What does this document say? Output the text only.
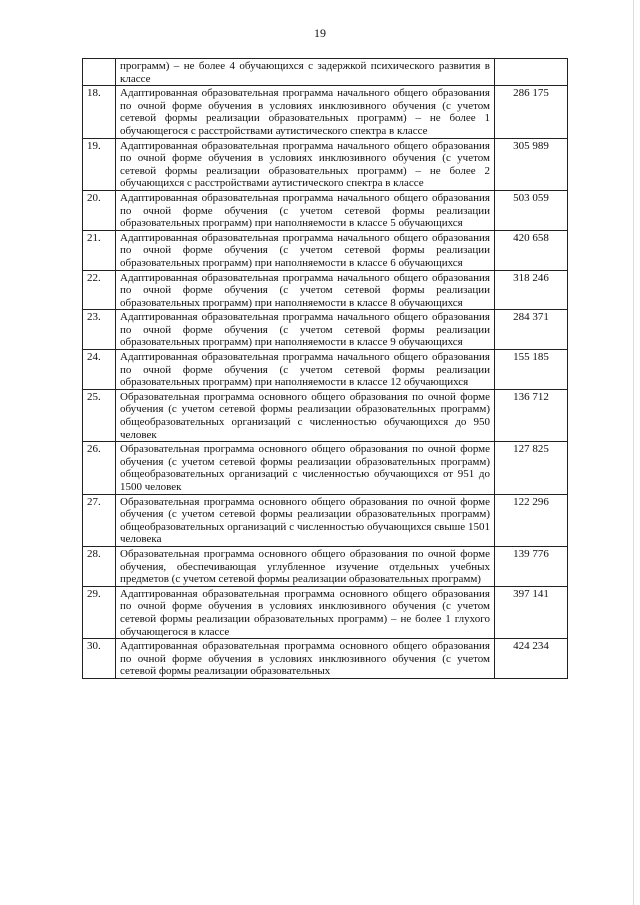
19
	программ) – не более 4 обучающихся с задержкой психического развития в классе	
18.	Адаптированная образовательная программа начального общего образования по очной форме обучения в условиях инклюзивного обучения (с учетом сетевой формы реализации образовательных программ) – не более 1 обучающегося с расстройствами аутистического спектра в классе	286 175
19.	Адаптированная образовательная программа начального общего образования по очной форме обучения в условиях инклюзивного обучения (с учетом сетевой формы реализации образовательных программ) – не более 2 обучающихся с расстройствами аутистического спектра в классе	305 989
20.	Адаптированная образовательная программа начального общего образования по очной форме обучения (с учетом сетевой формы реализации образовательных программ) при наполняемости в классе 5 обучающихся	503 059
21.	Адаптированная образовательная программа начального общего образования по очной форме обучения (с учетом сетевой формы реализации образовательных программ) при наполняемости в классе 6 обучающихся	420 658
22.	Адаптированная образовательная программа начального общего образования по очной форме обучения (с учетом сетевой формы реализации образовательных программ) при наполняемости в классе 8 обучающихся	318 246
23.	Адаптированная образовательная программа начального общего образования по очной форме обучения (с учетом сетевой формы реализации образовательных программ) при наполняемости в классе 9 обучающихся	284 371
24.	Адаптированная образовательная программа начального общего образования по очной форме обучения (с учетом сетевой формы реализации образовательных программ) при наполняемости в классе 12 обучающихся	155 185
25.	Образовательная программа основного общего образования по очной форме обучения (с учетом сетевой формы реализации образовательных программ) общеобразовательных организаций с численностью обучающихся до 950 человек	136 712
26.	Образовательная программа основного общего образования по очной форме обучения (с учетом сетевой формы реализации образовательных программ) общеобразовательных организаций с численностью обучающихся от 951 до 1500 человек	127 825
27.	Образовательная программа основного общего образования по очной форме обучения (с учетом сетевой формы реализации образовательных программ) общеобразовательных организаций с численностью обучающихся свыше 1501 человека	122 296
28.	Образовательная программа основного общего образования по очной форме обучения, обеспечивающая углубленное изучение отдельных учебных предметов (с учетом сетевой формы реализации образовательных программ)	139 776
29.	Адаптированная образовательная программа основного общего образования по очной форме обучения в условиях инклюзивного обучения (с учетом сетевой формы реализации образовательных программ) – не более 1 глухого обучающегося в классе	397 141
30.	Адаптированная образовательная программа основного общего образования по очной форме обучения в условиях инклюзивного обучения (с учетом сетевой формы реализации образовательных	424 234
